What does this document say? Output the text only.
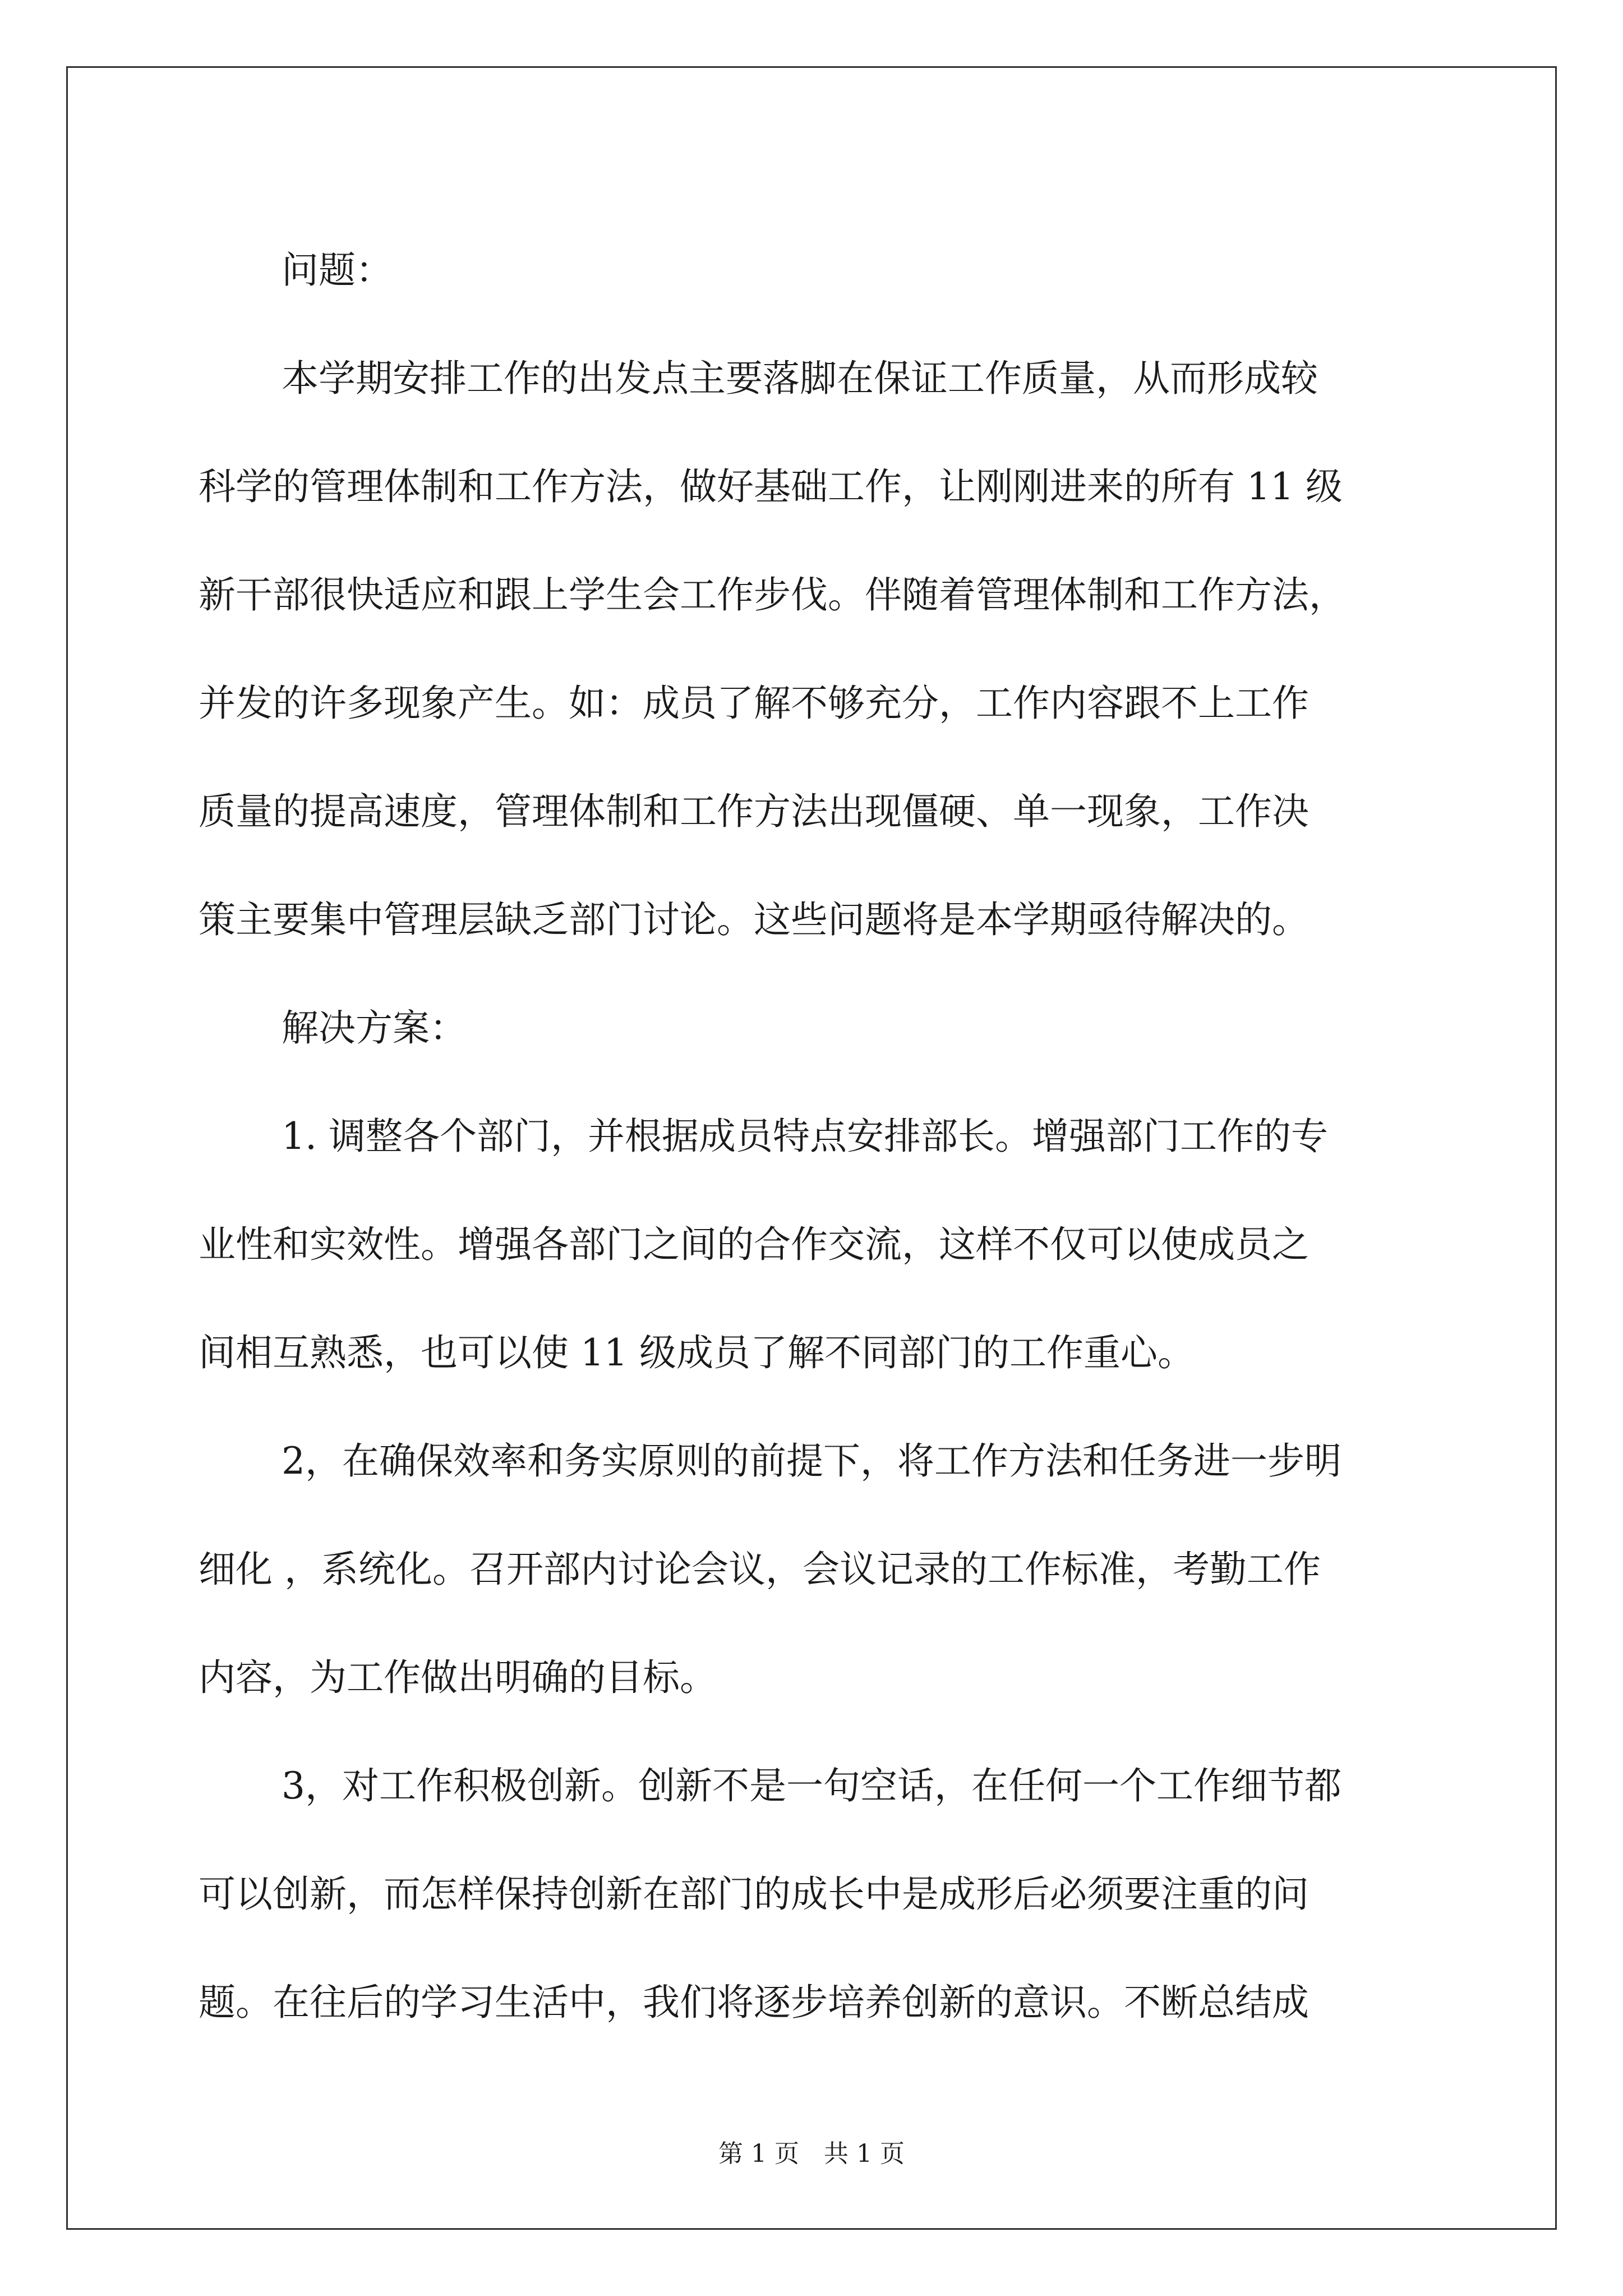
问题：
本学期安排工作的出发点主要落脚在保证工作质量，从而形成较
科学的管理体制和工作方法，做好基础工作，让刚刚进来的所有 11 级
新干部很快适应和跟上学生会工作步伐。伴随着管理体制和工作方法，
并发的许多现象产生。如：成员了解不够充分，工作内容跟不上工作
质量的提高速度，管理体制和工作方法出现僵硬、单一现象，工作决
策主要集中管理层缺乏部门讨论。这些问题将是本学期亟待解决的。
解决方案：
1. 调整各个部门，并根据成员特点安排部长。增强部门工作的专
业性和实效性。增强各部门之间的合作交流，这样不仅可以使成员之
间相互熟悉，也可以使 11 级成员了解不同部门的工作重心。
2，在确保效率和务实原则的前提下，将工作方法和任务进一步明
细化 ，系统化。召开部内讨论会议，会议记录的工作标准，考勤工作
内容，为工作做出明确的目标。
3，对工作积极创新。创新不是一句空话，在任何一个工作细节都
可以创新，而怎样保持创新在部门的成长中是成形后必须要注重的问
题。在往后的学习生活中，我们将逐步培养创新的意识。不断总结成
第 1 页　共 1 页
